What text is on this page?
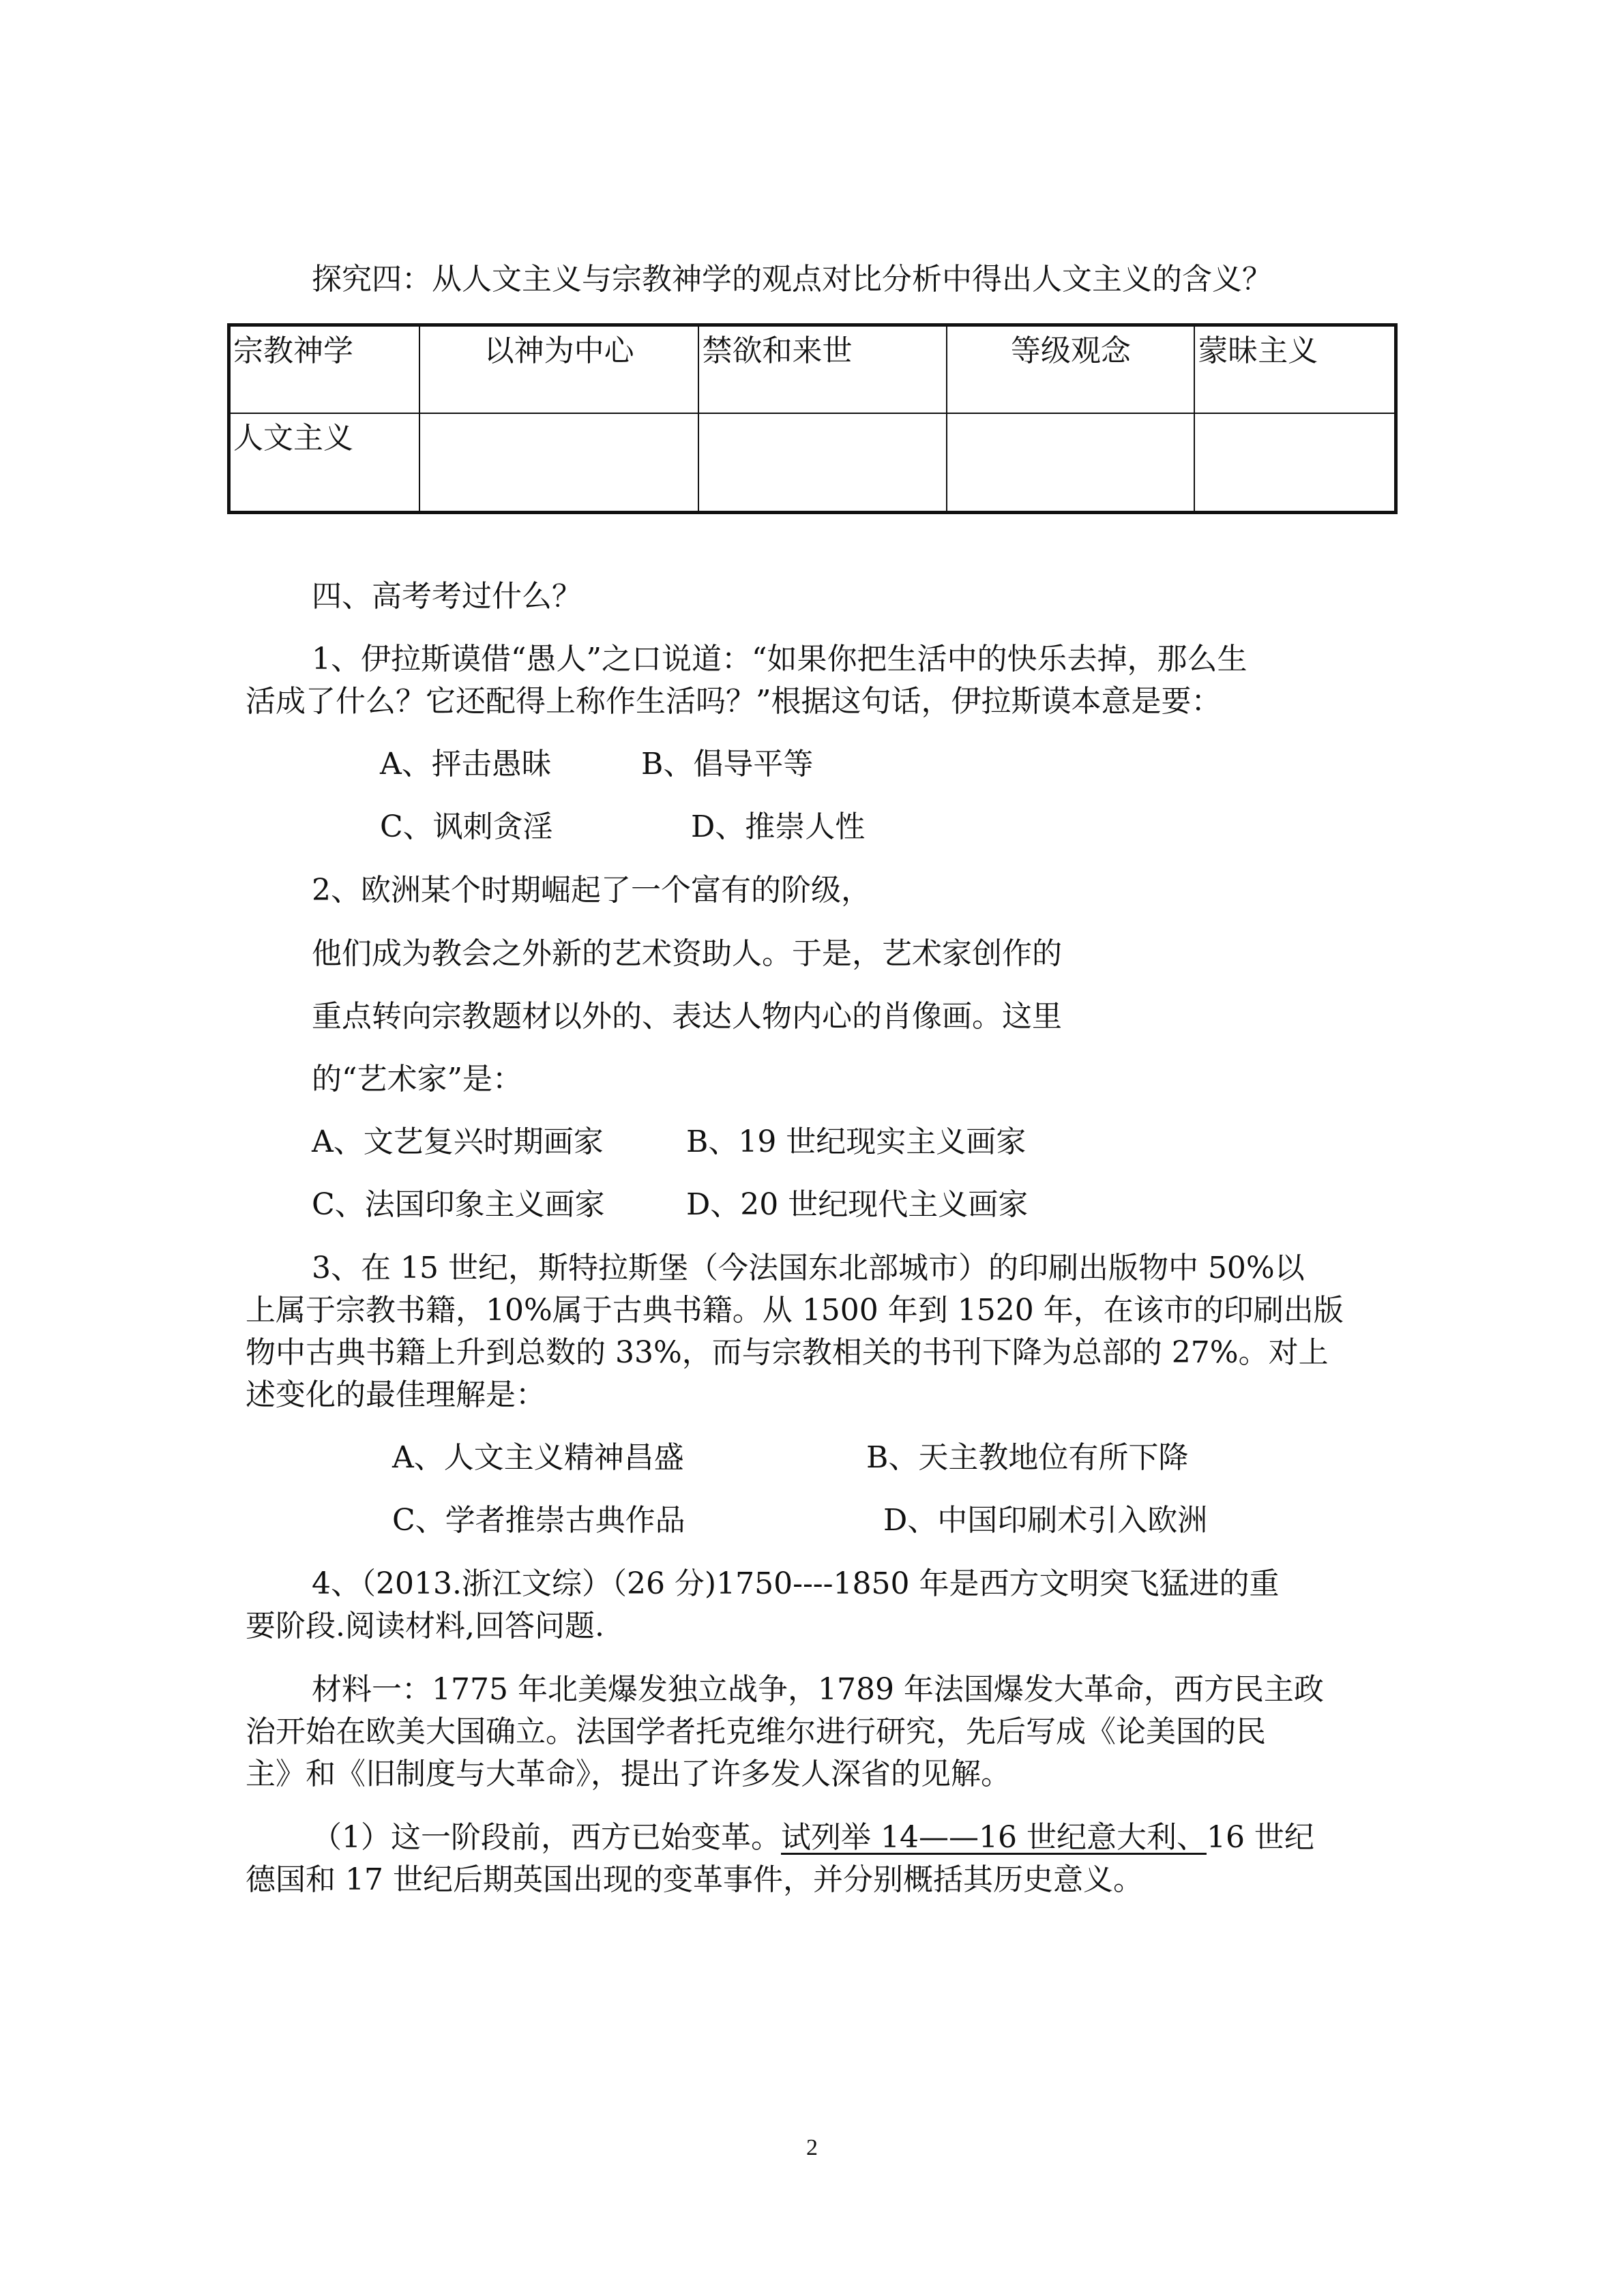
探究四：从人文主义与宗教神学的观点对比分析中得出人文主义的含义？

宗教神学	以神为中心	禁欲和来世	等级观念	蒙昧主义
人文主义				

四、高考考过什么？

1、伊拉斯谟借“愚人”之口说道：“如果你把生活中的快乐去掉，那么生

活成了什么？它还配得上称作生活吗？”根据这句话，伊拉斯谟本意是要：

A、抨击愚昧	B、倡导平等

C、讽刺贪淫	D、推崇人性

2、欧洲某个时期崛起了一个富有的阶级，

他们成为教会之外新的艺术资助人。于是，艺术家创作的

重点转向宗教题材以外的、表达人物内心的肖像画。这里

的“艺术家”是：

A、文艺复兴时期画家	B、19 世纪现实主义画家

C、法国印象主义画家	D、20 世纪现代主义画家

3、在 15 世纪，斯特拉斯堡（今法国东北部城市）的印刷出版物中 50%以

上属于宗教书籍，10%属于古典书籍。从 1500 年到 1520 年，在该市的印刷出版

物中古典书籍上升到总数的 33%，而与宗教相关的书刊下降为总部的 27%。对上

述变化的最佳理解是：

A、人文主义精神昌盛	B、天主教地位有所下降

C、学者推崇古典作品	D、中国印刷术引入欧洲

4、（2013.浙江文综）（26 分)1750----1850 年是西方文明突飞猛进的重

要阶段.阅读材料,回答问题.

材料一：1775 年北美爆发独立战争，1789 年法国爆发大革命，西方民主政

治开始在欧美大国确立。法国学者托克维尔进行研究，先后写成《论美国的民

主》和《旧制度与大革命》，提出了许多发人深省的见解。

（1）这一阶段前，西方已始变革。试列举 14——16 世纪意大利、16 世纪

德国和 17 世纪后期英国出现的变革事件，并分别概括其历史意义。

2
